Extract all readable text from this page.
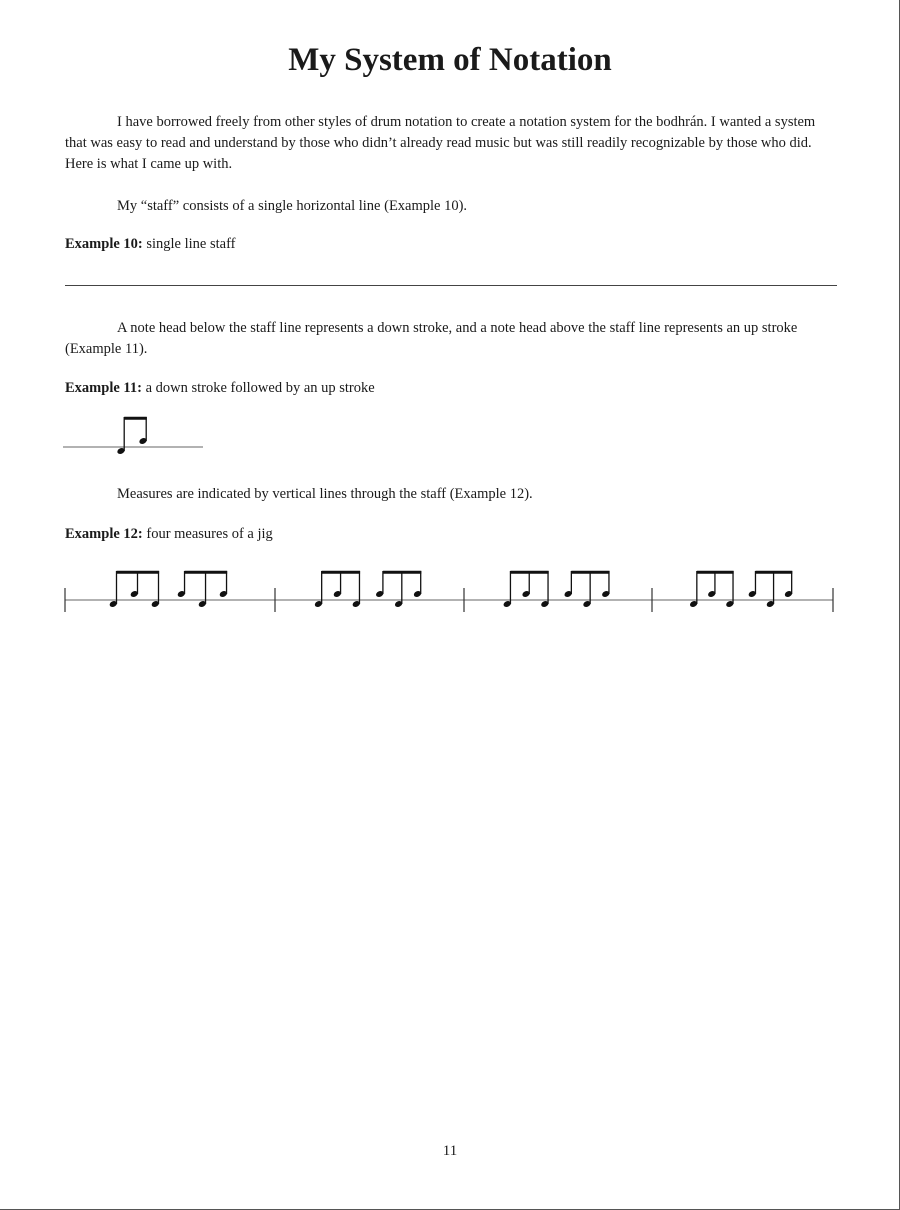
My System of Notation

I have borrowed freely from other styles of drum notation to create a notation system for the bodhrán. I wanted a system that was easy to read and understand by those who didn’t already read music but was still readily recognizable by those who did. Here is what I came up with.

My “staff” consists of a single horizontal line (Example 10).

Example 10: single line staff

A note head below the staff line represents a down stroke, and a note head above the staff line represents an up stroke (Example 11).

Example 11: a down stroke followed by an up stroke

Measures are indicated by vertical lines through the staff (Example 12).

Example 12: four measures of a jig

11
